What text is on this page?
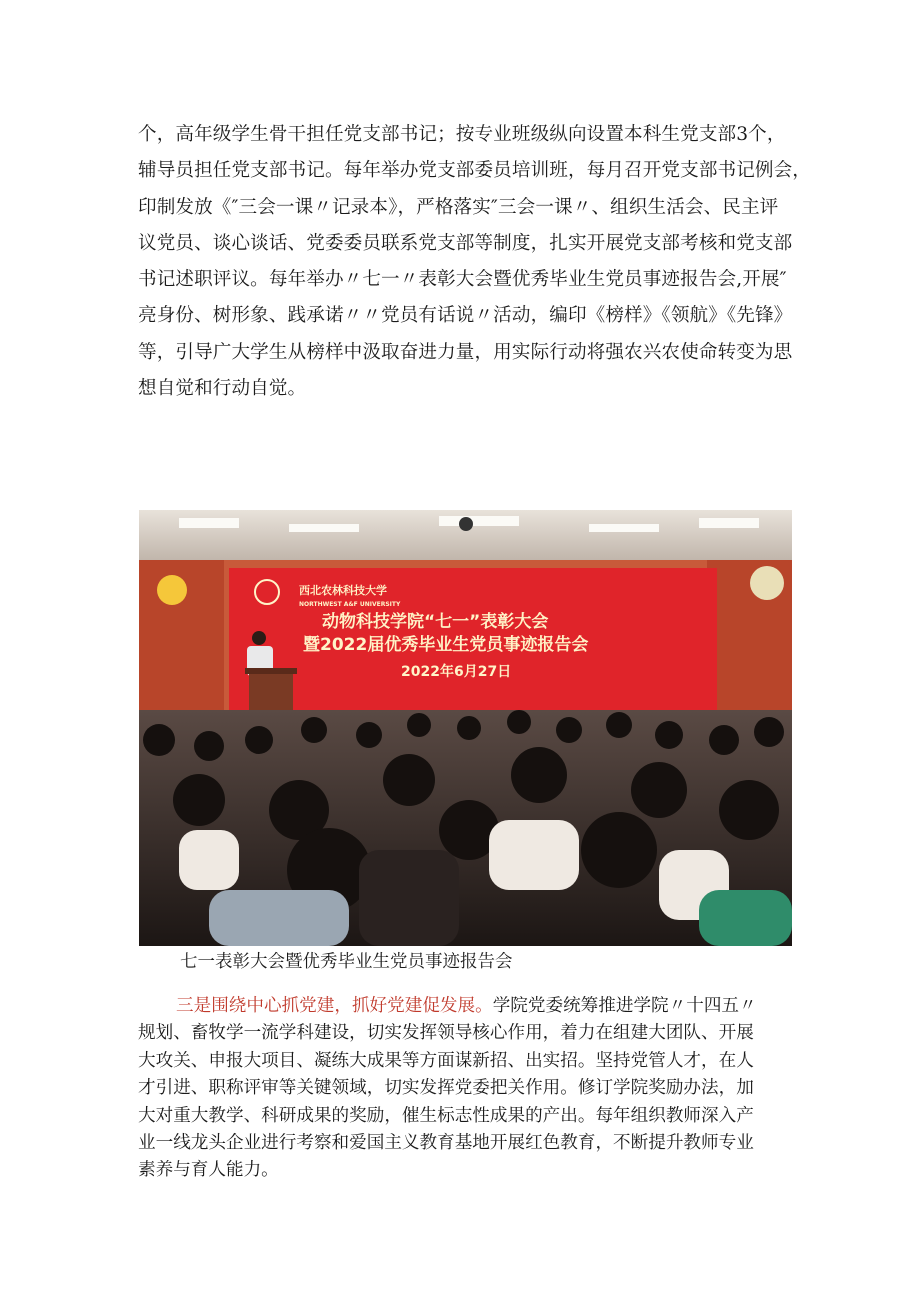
个，高年级学生骨干担任党支部书记；按专业班级纵向设置本科生党支部3个，
辅导员担任党支部书记。每年举办党支部委员培训班，每月召开党支部书记例会，
印制发放《″三会一课〃记录本》，严格落实″三会一课〃、组织生活会、民主评
议党员、谈心谈话、党委委员联系党支部等制度，扎实开展党支部考核和党支部
书记述职评议。每年举办〃七一〃表彰大会暨优秀毕业生党员事迹报告会,开展″
亮身份、树形象、践承诺〃〃党员有话说〃活动，编印《榜样》《领航》《先锋》
等，引导广大学生从榜样中汲取奋进力量，用实际行动将强农兴农使命转变为思
想自觉和行动自觉。
西北农林科技大学
NORTHWEST A&F UNIVERSITY
动物科技学院“七一”表彰大会
暨2022届优秀毕业生党员事迹报告会
2022年6月27日
七一表彰大会暨优秀毕业生党员事迹报告会
三是围绕中心抓党建，抓好党建促发展。学院党委统筹推进学院〃十四五〃
规划、畜牧学一流学科建设，切实发挥领导核心作用，着力在组建大团队、开展
大攻关、申报大项目、凝练大成果等方面谋新招、出实招。坚持党管人才，在人
才引进、职称评审等关键领域，切实发挥党委把关作用。修订学院奖励办法，加
大对重大教学、科研成果的奖励，催生标志性成果的产出。每年组织教师深入产
业一线龙头企业进行考察和爱国主义教育基地开展红色教育，不断提升教师专业
素养与育人能力。
